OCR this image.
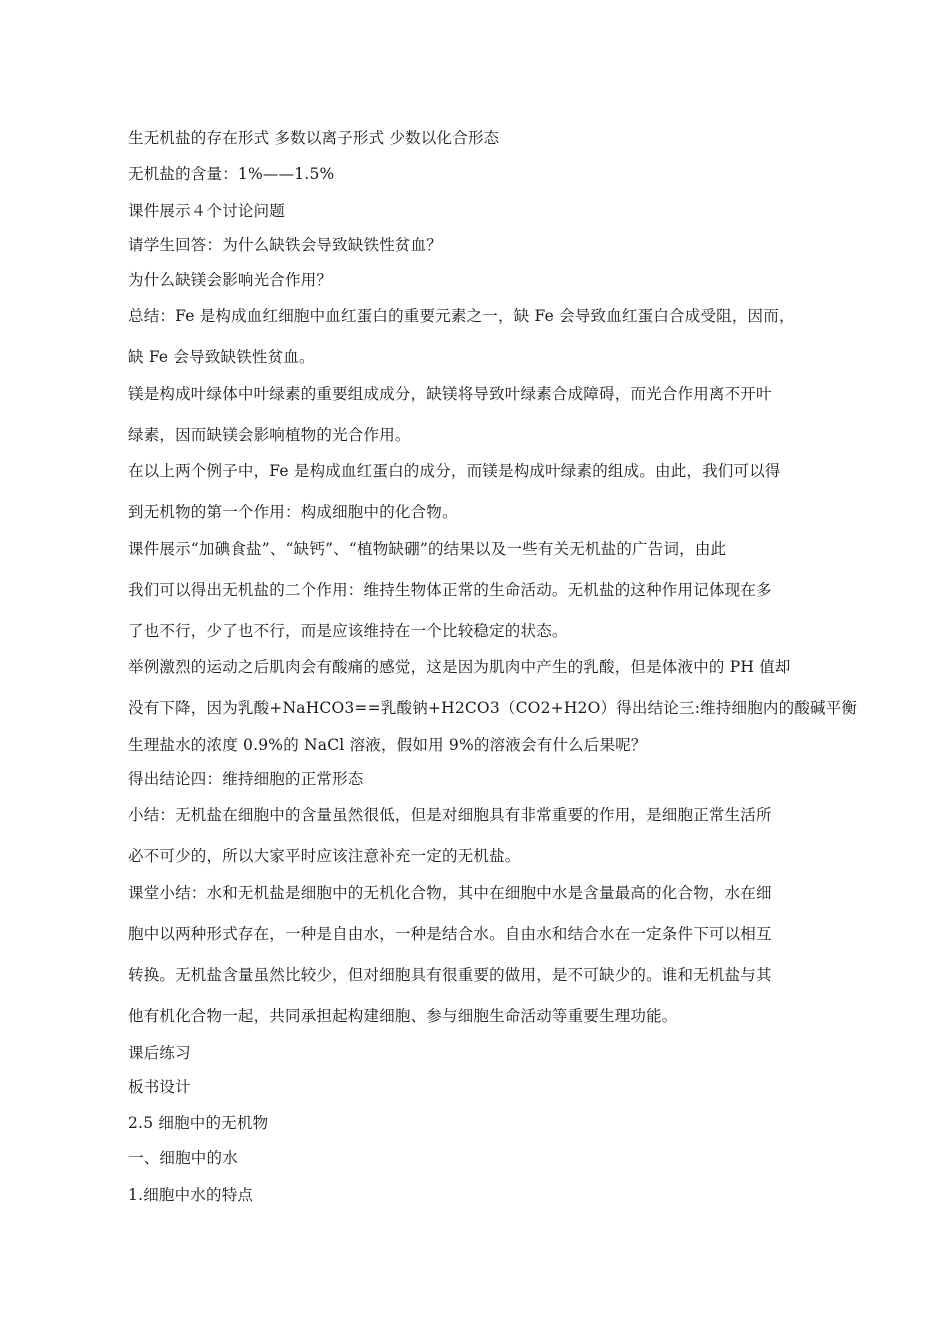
生无机盐的存在形式 多数以离子形式 少数以化合形态
无机盐的含量：1%——1.5%
课件展示４个讨论问题
请学生回答：为什么缺铁会导致缺铁性贫血？
为什么缺镁会影响光合作用？
总结：Fe 是构成血红细胞中血红蛋白的重要元素之一，缺 Fe 会导致血红蛋白合成受阻，因而，
缺 Fe 会导致缺铁性贫血。
镁是构成叶绿体中叶绿素的重要组成成分，缺镁将导致叶绿素合成障碍，而光合作用离不开叶
绿素，因而缺镁会影响植物的光合作用。
在以上两个例子中，Fe 是构成血红蛋白的成分，而镁是构成叶绿素的组成。由此，我们可以得
到无机物的第一个作用：构成细胞中的化合物。
课件展示“加碘食盐”、“缺钙”、“植物缺硼”的结果以及一些有关无机盐的广告词，由此
我们可以得出无机盐的二个作用：维持生物体正常的生命活动。无机盐的这种作用记体现在多
了也不行，少了也不行，而是应该维持在一个比较稳定的状态。
举例激烈的运动之后肌肉会有酸痛的感觉，这是因为肌肉中产生的乳酸，但是体液中的 PH 值却
没有下降，因为乳酸+NaHCO3==乳酸钠+H2CO3（CO2+H2O）得出结论三:维持细胞内的酸碱平衡
生理盐水的浓度 0.9%的 NaCl 溶液，假如用 9%的溶液会有什么后果呢？
得出结论四：维持细胞的正常形态
小结：无机盐在细胞中的含量虽然很低，但是对细胞具有非常重要的作用，是细胞正常生活所
必不可少的，所以大家平时应该注意补充一定的无机盐。
课堂小结：水和无机盐是细胞中的无机化合物，其中在细胞中水是含量最高的化合物，水在细
胞中以两种形式存在，一种是自由水，一种是结合水。自由水和结合水在一定条件下可以相互
转换。无机盐含量虽然比较少，但对细胞具有很重要的做用，是不可缺少的。谁和无机盐与其
他有机化合物一起，共同承担起构建细胞、参与细胞生命活动等重要生理功能。
课后练习
板书设计
2.5 细胞中的无机物
一、细胞中的水
1.细胞中水的特点
